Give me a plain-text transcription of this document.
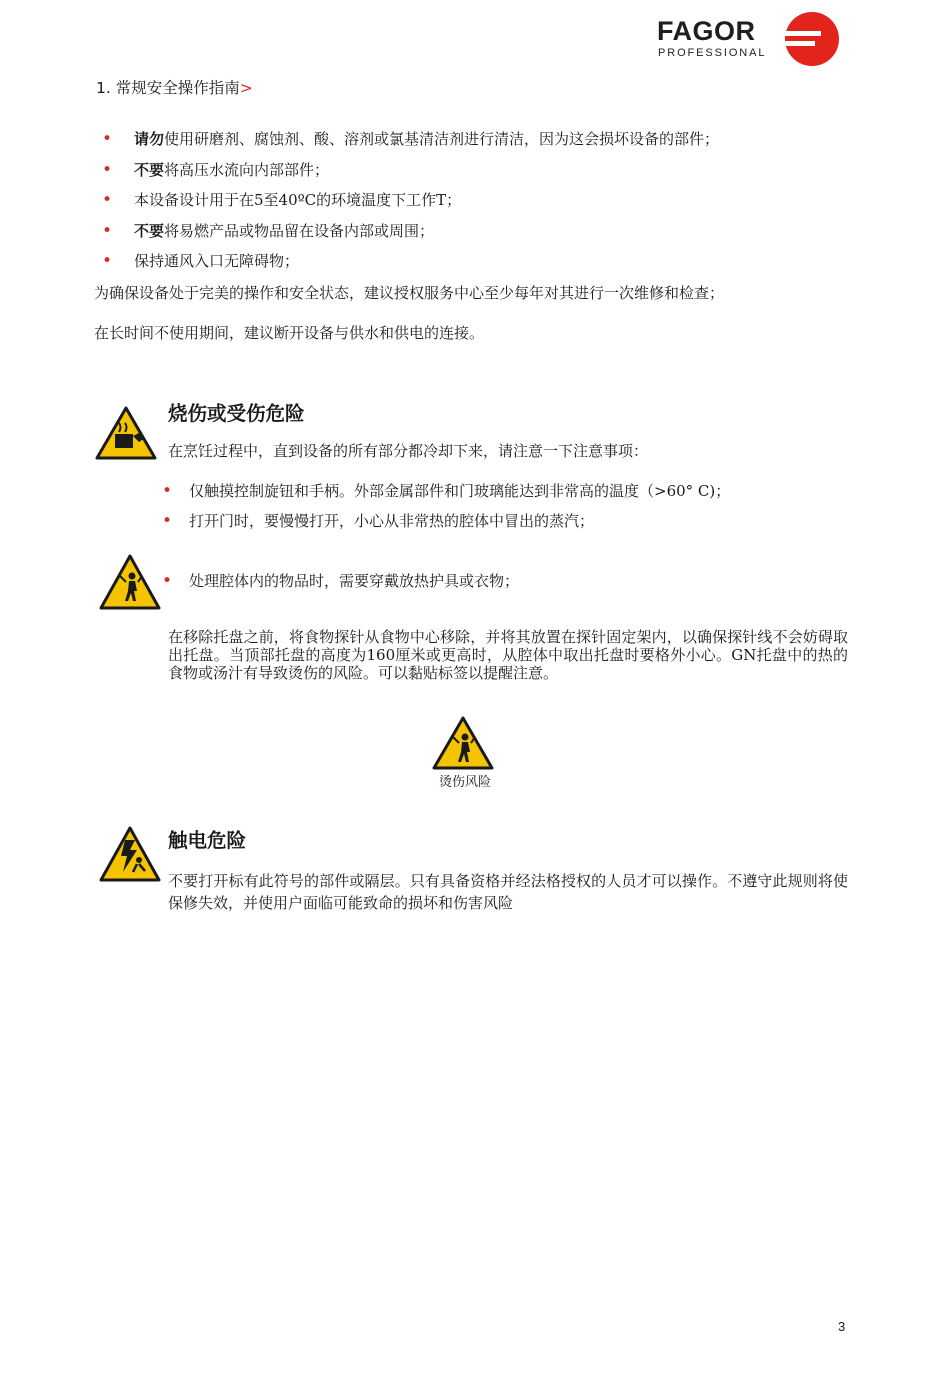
FAGOR
PROFESSIONAL
1. 常规安全操作指南>
• 请勿使用研磨剂、腐蚀剂、酸、溶剂或氯基清洁剂进行清洁，因为这会损坏设备的部件；
• 不要将高压水流向内部部件；
• 本设备设计用于在5至40ºC的环境温度下工作T；
• 不要将易燃产品或物品留在设备内部或周围；
• 保持通风入口无障碍物；
为确保设备处于完美的操作和安全状态，建议授权服务中心至少每年对其进行一次维修和检查；
在长时间不使用期间，建议断开设备与供水和供电的连接。
烧伤或受伤危险
在烹饪过程中，直到设备的所有部分都冷却下来，请注意一下注意事项：
• 仅触摸控制旋钮和手柄。外部金属部件和门玻璃能达到非常高的温度（>60° C)；
• 打开门时，要慢慢打开，小心从非常热的腔体中冒出的蒸汽；
• 处理腔体内的物品时，需要穿戴放热护具或衣物；
在移除托盘之前，将食物探针从食物中心移除，并将其放置在探针固定架内，以确保探针线不会妨碍取出托盘。当顶部托盘的高度为160厘米或更高时，从腔体中取出托盘时要格外小心。GN托盘中的热的食物或汤汁有导致烫伤的风险。可以黏贴标签以提醒注意。
烫伤风险
触电危险
不要打开标有此符号的部件或隔层。只有具备资格并经法格授权的人员才可以操作。不遵守此规则将使保修失效，并使用户面临可能致命的损坏和伤害风险
3
